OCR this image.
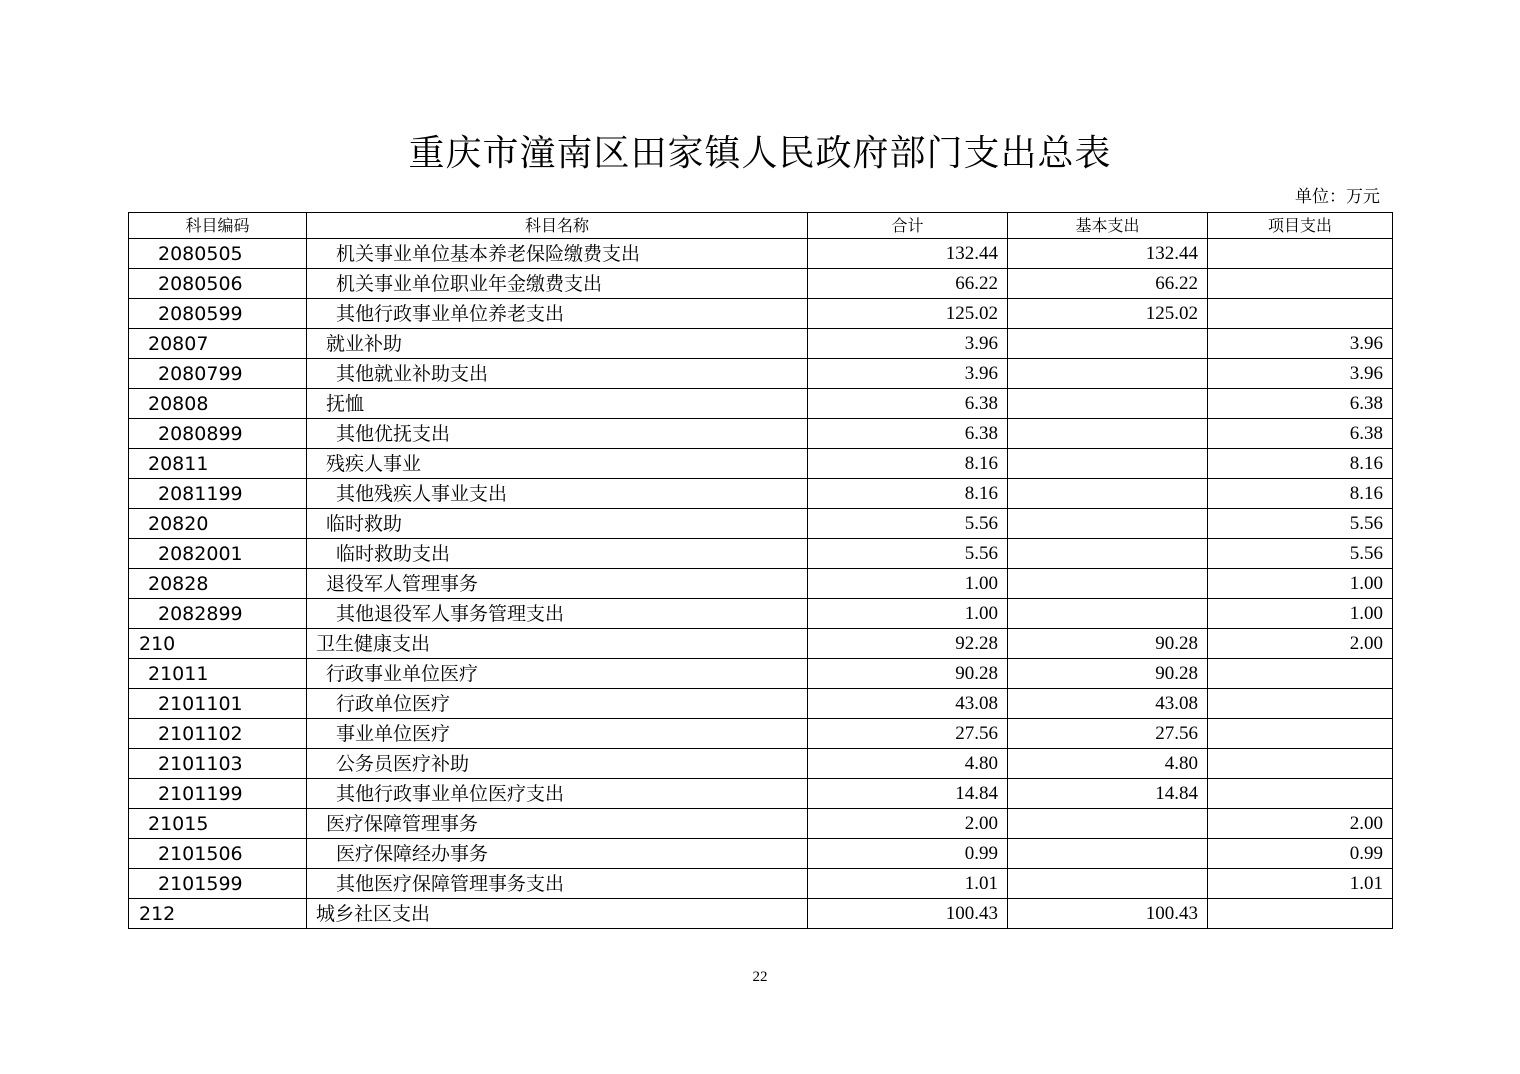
重庆市潼南区田家镇人民政府部门支出总表
单位：万元
科目编码	科目名称	合计	基本支出	项目支出
2080505	机关事业单位基本养老保险缴费支出	132.44	132.44	
2080506	机关事业单位职业年金缴费支出	66.22	66.22	
2080599	其他行政事业单位养老支出	125.02	125.02	
20807	就业补助	3.96		3.96
2080799	其他就业补助支出	3.96		3.96
20808	抚恤	6.38		6.38
2080899	其他优抚支出	6.38		6.38
20811	残疾人事业	8.16		8.16
2081199	其他残疾人事业支出	8.16		8.16
20820	临时救助	5.56		5.56
2082001	临时救助支出	5.56		5.56
20828	退役军人管理事务	1.00		1.00
2082899	其他退役军人事务管理支出	1.00		1.00
210	卫生健康支出	92.28	90.28	2.00
21011	行政事业单位医疗	90.28	90.28	
2101101	行政单位医疗	43.08	43.08	
2101102	事业单位医疗	27.56	27.56	
2101103	公务员医疗补助	4.80	4.80	
2101199	其他行政事业单位医疗支出	14.84	14.84	
21015	医疗保障管理事务	2.00		2.00
2101506	医疗保障经办事务	0.99		0.99
2101599	其他医疗保障管理事务支出	1.01		1.01
212	城乡社区支出	100.43	100.43	
22
